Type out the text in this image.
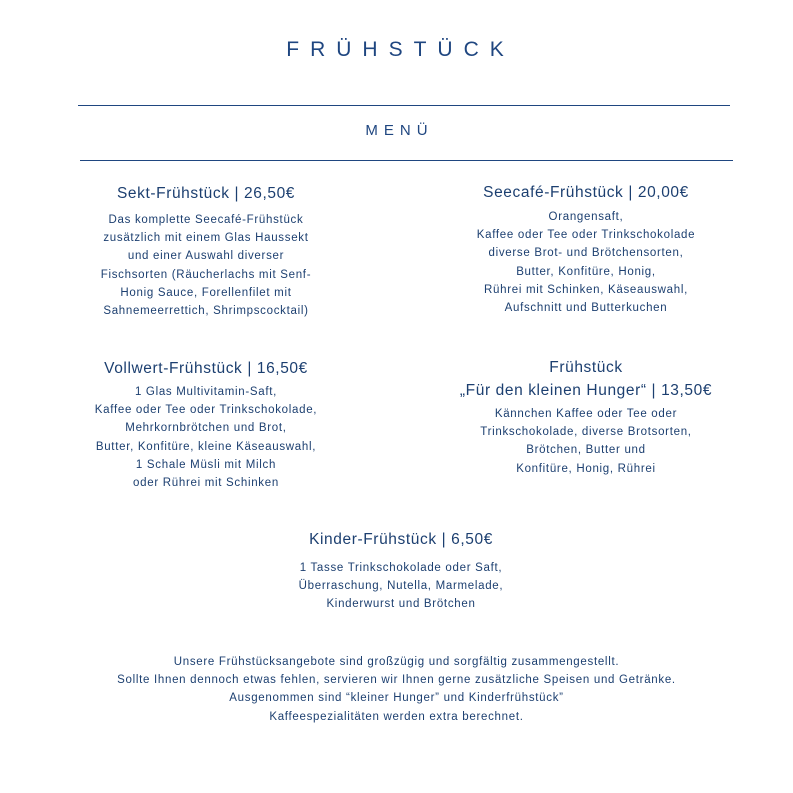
FRÜHSTÜCK
MENÜ
Sekt-Frühstück | 26,50€
Das komplette Seecafé-Frühstück
zusätzlich mit einem Glas Haussekt
und einer Auswahl diverser
Fischsorten (Räucherlachs mit Senf-
Honig Sauce, Forellenfilet mit
Sahnemeerrettich, Shrimpscocktail)
Seecafé-Frühstück | 20,00€
Orangensaft,
Kaffee oder Tee oder Trinkschokolade
diverse Brot- und Brötchensorten,
Butter, Konfitüre, Honig,
Rührei mit Schinken, Käseauswahl,
Aufschnitt und Butterkuchen
Vollwert-Frühstück | 16,50€
1 Glas Multivitamin-Saft,
Kaffee oder Tee oder Trinkschokolade,
Mehrkornbrötchen und Brot,
Butter, Konfitüre, kleine Käseauswahl,
1 Schale Müsli mit Milch
oder Rührei mit Schinken
Frühstück
„Für den kleinen Hunger“ | 13,50€
Kännchen Kaffee oder Tee oder
Trinkschokolade, diverse Brotsorten,
Brötchen, Butter und
Konfitüre, Honig, Rührei
Kinder-Frühstück | 6,50€
1 Tasse Trinkschokolade oder Saft,
Überraschung, Nutella, Marmelade,
Kinderwurst und Brötchen
Unsere Frühstücksangebote sind großzügig und sorgfältig zusammengestellt.
Sollte Ihnen dennoch etwas fehlen, servieren wir Ihnen gerne zusätzliche Speisen und Getränke.
Ausgenommen sind “kleiner Hunger” und Kinderfrühstück”
Kaffeespezialitäten werden extra berechnet.
